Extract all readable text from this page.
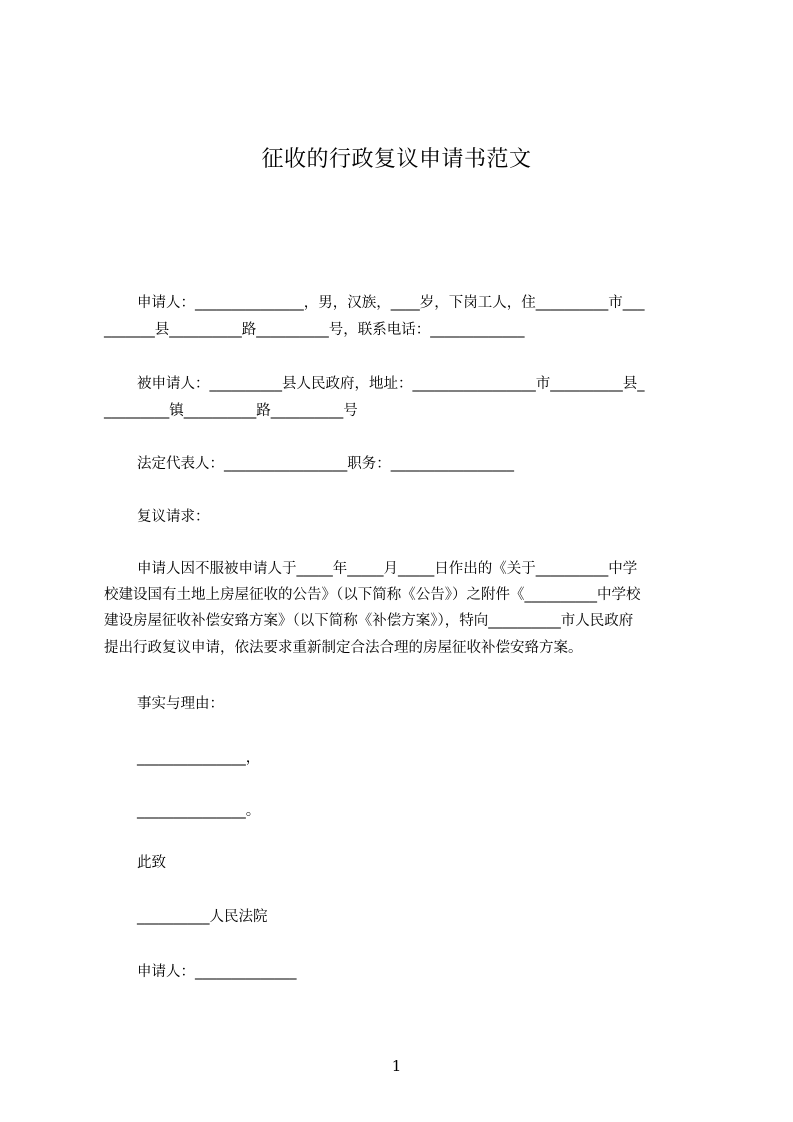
征收的行政复议申请书范文
申请人：_______________，男，汉族，____岁，下岗工人，住__________市___
_______县__________路__________号，联系电话：_____________
被申请人：__________县人民政府，地址：_________________市__________县_
_________镇__________路__________号
法定代表人：_________________职务：_________________
复议请求：
申请人因不服被申请人于_____年_____月_____日作出的《关于__________中学
校建设国有土地上房屋征收的公告》（以下简称《公告》）之附件《__________中学校
建设房屋征收补偿安臵方案》（以下简称《补偿方案》），特向__________市人民政府
提出行政复议申请，依法要求重新制定合法合理的房屋征收补偿安臵方案。
事实与理由：
_______________，
_______________。
此致
__________人民法院
申请人：______________
1
